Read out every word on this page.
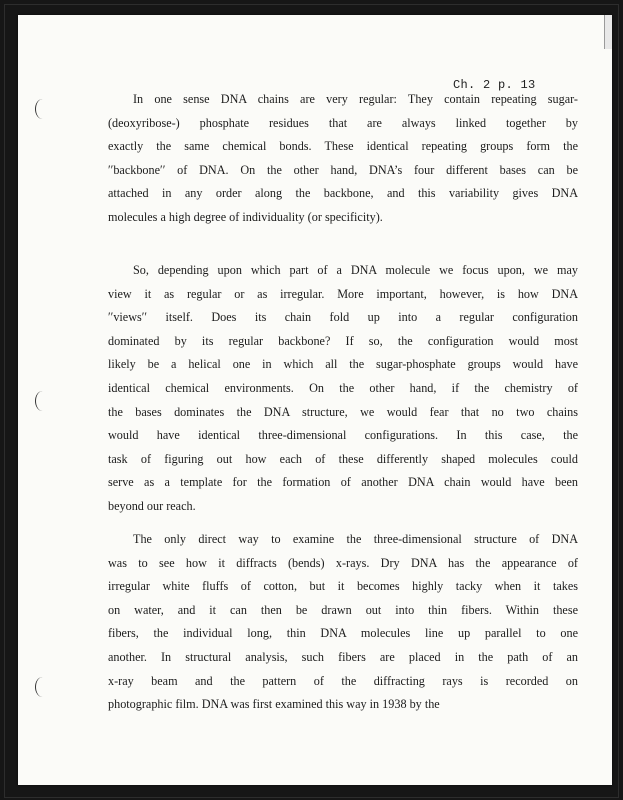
Ch. 2 p. 13
In one sense DNA chains are very regular: They contain repeating sugar-
(deoxyribose-) phosphate residues that are always linked together by
exactly the same chemical bonds. These identical repeating groups form the
′′backbone′′ of DNA. On the other hand, DNA’s four different bases can be
attached in any order along the backbone, and this variability gives DNA
molecules a high degree of individuality (or specificity).
So, depending upon which part of a DNA molecule we focus upon, we may
view it as regular or as irregular. More important, however, is how DNA
′′views′′ itself. Does its chain fold up into a regular configuration
dominated by its regular backbone? If so, the configuration would most
likely be a helical one in which all the sugar-phosphate groups would have
identical chemical environments. On the other hand, if the chemistry of
the bases dominates the DNA structure, we would fear that no two chains
would have identical three-dimensional configurations. In this case, the
task of figuring out how each of these differently shaped molecules could
serve as a template for the formation of another DNA chain would have been
beyond our reach.
The only direct way to examine the three-dimensional structure of DNA
was to see how it diffracts (bends) x-rays. Dry DNA has the appearance of
irregular white fluffs of cotton, but it becomes highly tacky when it takes
on water, and it can then be drawn out into thin fibers. Within these
fibers, the individual long, thin DNA molecules line up parallel to one
another. In structural analysis, such fibers are placed in the path of an
x-ray beam and the pattern of the diffracting rays is recorded on
photographic film. DNA was first examined this way in 1938 by the
